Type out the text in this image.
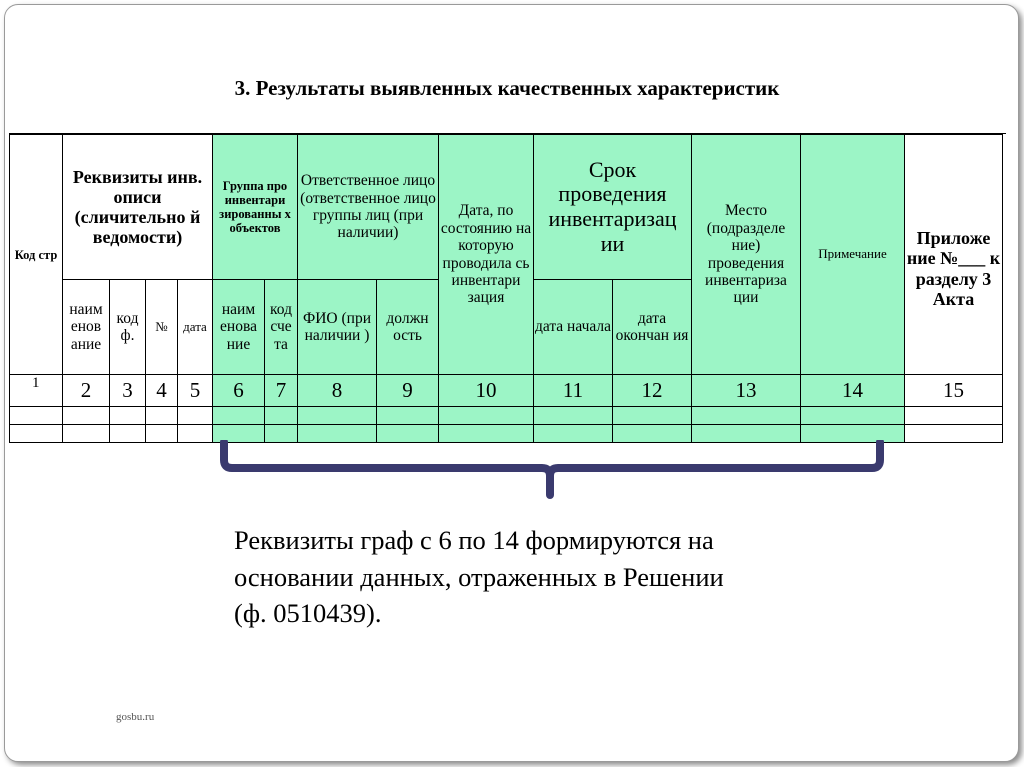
3. Результаты выявленных качественных характеристик
Код стр	Реквизиты инв. описи (сличительно й ведомости)				Группа про инвентари зированны х объектов		Ответственное лицо (ответственное лицо группы лиц (при наличии)		Дата, по состоянию на которую проводила сь инвентари зация	Срок проведения инвентаризац ии		Место (подразделе ние) проведения инвентариза ции	Примечание	Приложе ние №___ к разделу 3 Акта
	наим енов ание	код ф.	№	дата	наим енова ние	код сче та	ФИО (при наличии )	должн ость		дата начала	дата окончан ия			
1	2	3	4	5	6	7	8	9	10	11	12	13	14	15

Реквизиты граф с 6 по 14 формируются на
основании данных, отраженных в Решении
(ф. 0510439).
gosbu.ru
